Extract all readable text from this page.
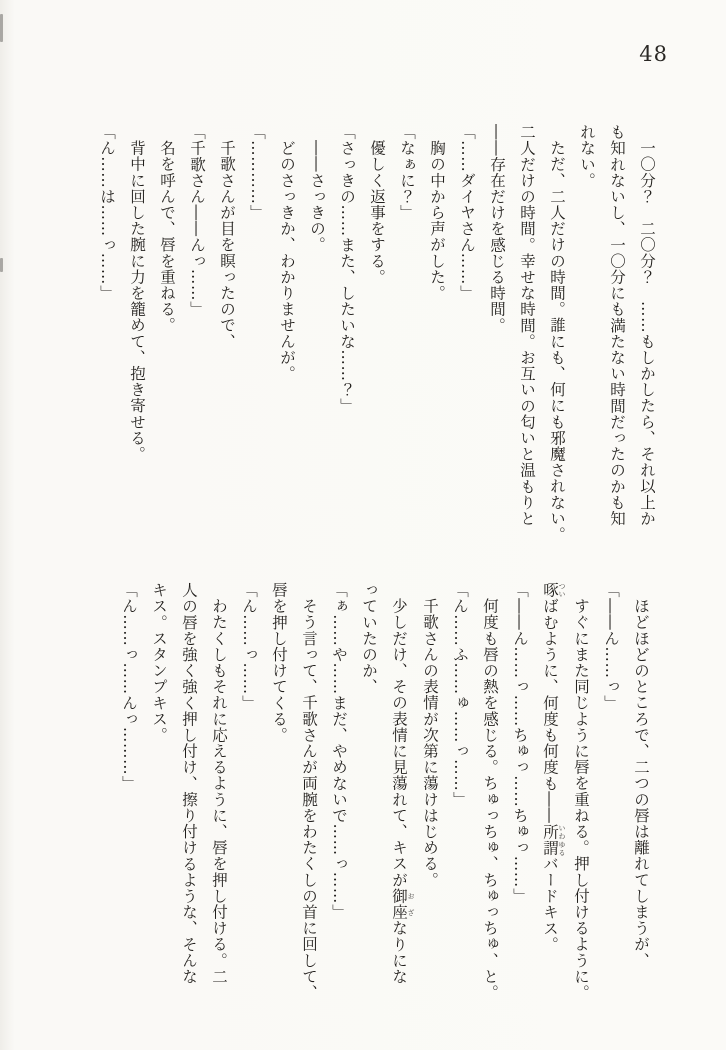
48
一〇分？　二〇分？　……もしかしたら、それ以上か
も知れないし、一〇分にも満たない時間だったのかも知
れない。
ただ、二人だけの時間。誰にも、何にも邪魔されない。
二人だけの時間。幸せな時間。お互いの匂いと温もりと
――存在だけを感じる時間。
「……ダイヤさん……」
胸の中から声がした。
「なぁに？」
優しく返事をする。
「さっきの……また、したいな……？」
――さっきの。
どのさっきか、わかりませんが。
「…………」
千歌さんが目を瞑ったので、
「千歌さん――んっ……」
名を呼んで、唇を重ねる。
背中に回した腕に力を籠めて、抱き寄せる。
「ん……は……っ……」
ほどほどのところで、二つの唇は離れてしまうが、
「――ん……っ」
すぐにまた同じように唇を重ねる。押し付けるように。
啄 ついばむように、何度も何度も――所謂 いわゆるバードキス。
「――ん……っ……ちゅっ……ちゅっ……」
何度も唇の熱を感じる。ちゅっちゅ、ちゅっちゅ、と。
「ん……ふ……ゅ……っ……」
千歌さんの表情が次第に蕩けはじめる。
少しだけ、その表情に見蕩れて、キスが御座 おざなりにな
っていたのか、
「ぁ……や……まだ、やめないで……っ……」
そう言って、千歌さんが両腕をわたくしの首に回して、
唇を押し付けてくる。
「ん……っ……」
わたくしもそれに応えるように、唇を押し付ける。二
人の唇を強く強く押し付け、擦り付けるような、そんな
キス。スタンプキス。
「ん……っ……んっ………」
